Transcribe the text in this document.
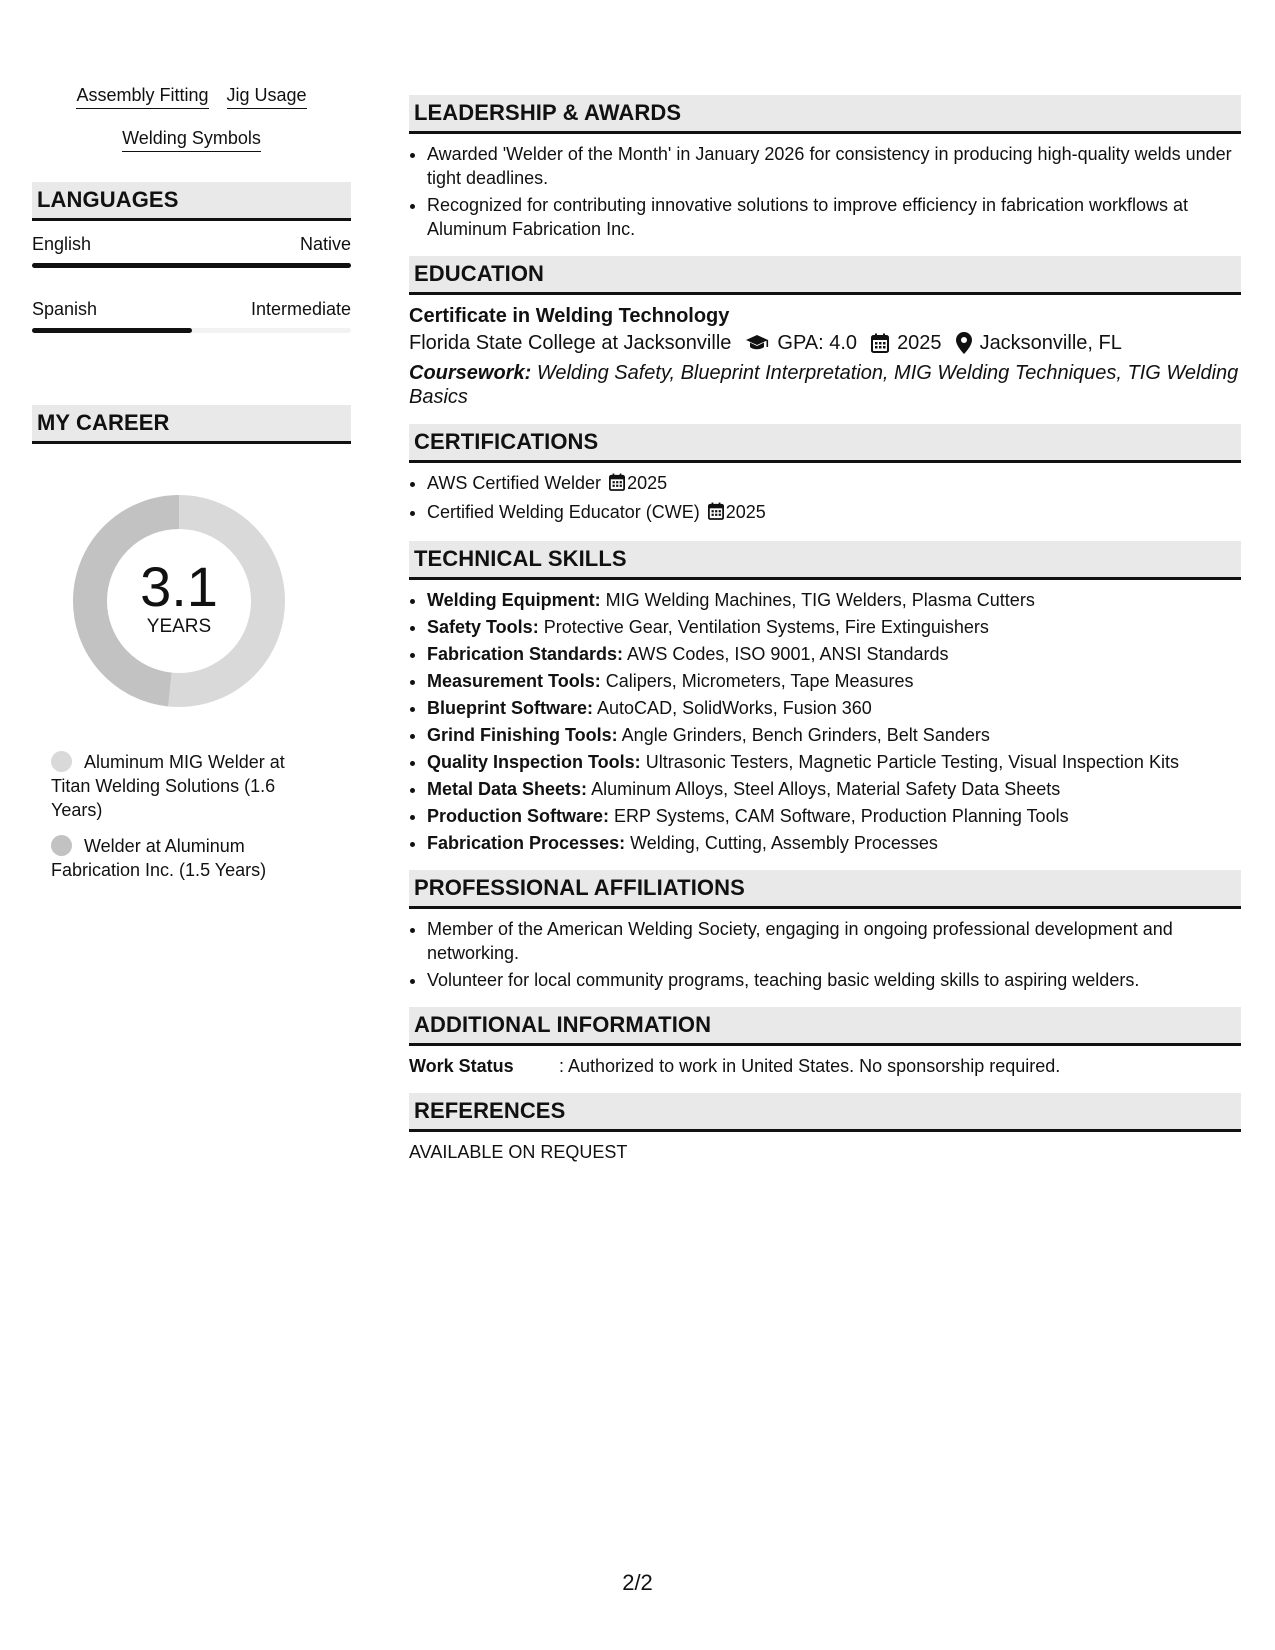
Assembly Fitting Jig Usage
Welding Symbols
LANGUAGES
English	Native
Spanish	Intermediate
MY CAREER
3.1
YEARS
Aluminum MIG Welder at Titan Welding Solutions (1.6 Years)
Welder at Aluminum Fabrication Inc. (1.5 Years)
LEADERSHIP & AWARDS
• Awarded 'Welder of the Month' in January 2026 for consistency in producing high-quality welds under tight deadlines.
• Recognized for contributing innovative solutions to improve efficiency in fabrication workflows at Aluminum Fabrication Inc.
EDUCATION
Certificate in Welding Technology
Florida State College at Jacksonville GPA: 4.0 2025 Jacksonville, FL
Coursework: Welding Safety, Blueprint Interpretation, MIG Welding Techniques, TIG Welding Basics
CERTIFICATIONS
• AWS Certified Welder 2025
• Certified Welding Educator (CWE) 2025
TECHNICAL SKILLS
• Welding Equipment: MIG Welding Machines, TIG Welders, Plasma Cutters
• Safety Tools: Protective Gear, Ventilation Systems, Fire Extinguishers
• Fabrication Standards: AWS Codes, ISO 9001, ANSI Standards
• Measurement Tools: Calipers, Micrometers, Tape Measures
• Blueprint Software: AutoCAD, SolidWorks, Fusion 360
• Grind Finishing Tools: Angle Grinders, Bench Grinders, Belt Sanders
• Quality Inspection Tools: Ultrasonic Testers, Magnetic Particle Testing, Visual Inspection Kits
• Metal Data Sheets: Aluminum Alloys, Steel Alloys, Material Safety Data Sheets
• Production Software: ERP Systems, CAM Software, Production Planning Tools
• Fabrication Processes: Welding, Cutting, Assembly Processes
PROFESSIONAL AFFILIATIONS
• Member of the American Welding Society, engaging in ongoing professional development and networking.
• Volunteer for local community programs, teaching basic welding skills to aspiring welders.
ADDITIONAL INFORMATION
Work Status	: Authorized to work in United States. No sponsorship required.
REFERENCES
AVAILABLE ON REQUEST
2/2
